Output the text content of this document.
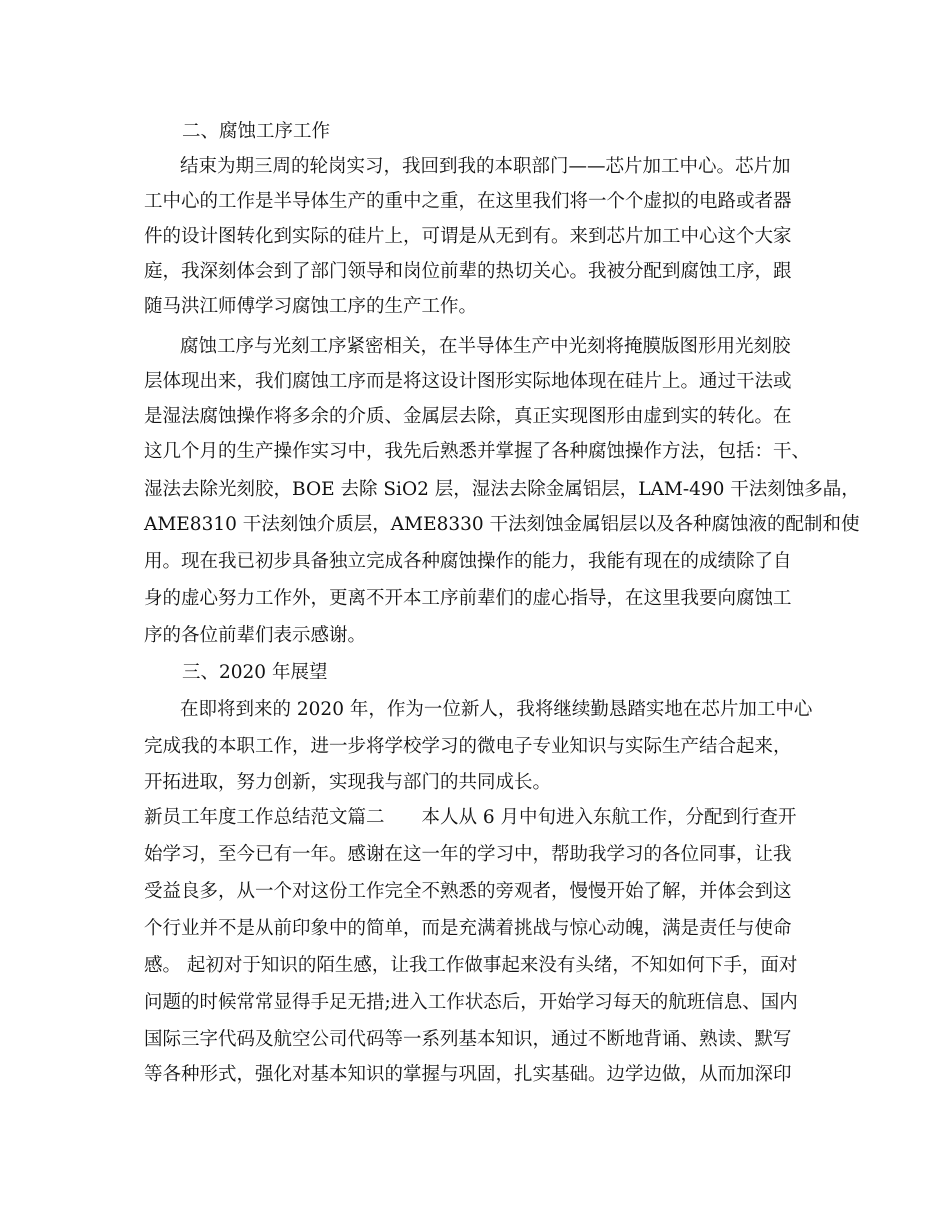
二、腐蚀工序工作
结束为期三周的轮岗实习，我回到我的本职部门——芯片加工中心。芯片加
工中心的工作是半导体生产的重中之重，在这里我们将一个个虚拟的电路或者器
件的设计图转化到实际的硅片上，可谓是从无到有。来到芯片加工中心这个大家
庭，我深刻体会到了部门领导和岗位前辈的热切关心。我被分配到腐蚀工序，跟
随马洪江师傅学习腐蚀工序的生产工作。
腐蚀工序与光刻工序紧密相关，在半导体生产中光刻将掩膜版图形用光刻胶
层体现出来，我们腐蚀工序而是将这设计图形实际地体现在硅片上。通过干法或
是湿法腐蚀操作将多余的介质、金属层去除，真正实现图形由虚到实的转化。在
这几个月的生产操作实习中，我先后熟悉并掌握了各种腐蚀操作方法，包括：干、
湿法去除光刻胶，BOE 去除 SiO2 层，湿法去除金属铝层，LAM-490 干法刻蚀多晶，
AME8310 干法刻蚀介质层，AME8330 干法刻蚀金属铝层以及各种腐蚀液的配制和使
用。现在我已初步具备独立完成各种腐蚀操作的能力，我能有现在的成绩除了自
身的虚心努力工作外，更离不开本工序前辈们的虚心指导，在这里我要向腐蚀工
序的各位前辈们表示感谢。
三、2020 年展望
在即将到来的 2020 年，作为一位新人，我将继续勤恳踏实地在芯片加工中心
完成我的本职工作，进一步将学校学习的微电子专业知识与实际生产结合起来，
开拓进取，努力创新，实现我与部门的共同成长。
新员工年度工作总结范文篇二　　本人从 6 月中旬进入东航工作，分配到行查开
始学习，至今已有一年。感谢在这一年的学习中，帮助我学习的各位同事，让我
受益良多，从一个对这份工作完全不熟悉的旁观者，慢慢开始了解，并体会到这
个行业并不是从前印象中的简单，而是充满着挑战与惊心动魄，满是责任与使命
感。 起初对于知识的陌生感，让我工作做事起来没有头绪，不知如何下手，面对
问题的时候常常显得手足无措;进入工作状态后，开始学习每天的航班信息、国内
国际三字代码及航空公司代码等一系列基本知识，通过不断地背诵、熟读、默写
等各种形式，强化对基本知识的掌握与巩固，扎实基础。边学边做，从而加深印
